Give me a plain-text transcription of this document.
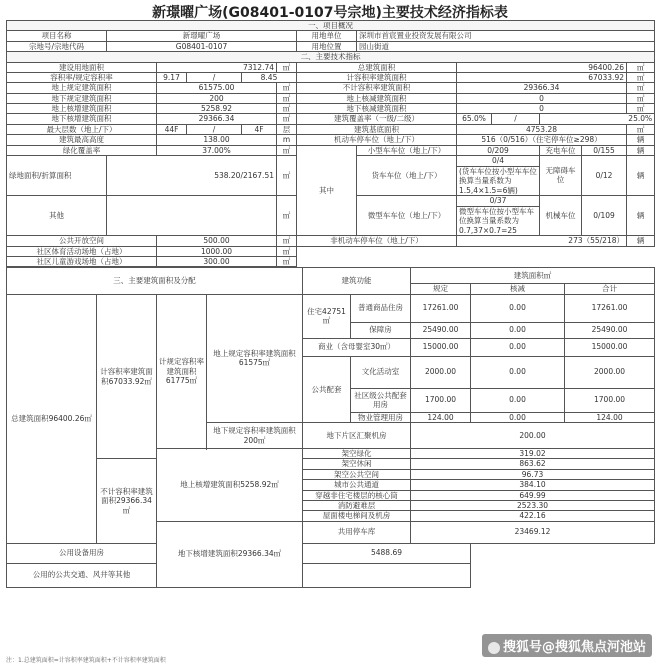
新璟曜广场(G08401-0107号宗地)主要技术经济指标表
一、项目概况												
项目名称	新璟曜广场					用地单位	深圳市首宸置业投资发展有限公司					
宗地号/宗地代码	G08401-0107					用地位置	园山街道					
二、主要技术指标												
建设用地面积		7312.74			㎡	总建筑面积		96400.26				㎡
容积率/规定容积率		9.17	/	8.45		计容积率建筑面积		67033.92				㎡
地上规定建筑面积		61575.00			㎡	不计容积率建筑面积		29366.34				㎡
地下规定建筑面积		200			㎡	地上核减建筑面积		0				㎡
地上核增建筑面积		5258.92			㎡	地下核减建筑面积		0				㎡
地下核增建筑面积		29366.34			㎡	建筑覆盖率（一级/二级）		65.0%	/	25.0%		
最大层数（地上/下）		44F	/	4F	层	建筑基底面积		4753.28				㎡
建筑最高高度		138.00			m	机动车停车位（地上/下）		516（0/516）（住宅停车位≥298）				辆
绿化覆盖率		37.00%			㎡	其中	小型车车位（地上/下）	0/209		充电车位	0/155	辆
绿地面积/折算面积	538.20/2167.51				㎡		货车车位（地上/下）	0/4		无障碍车位	0/12	辆
								(货车车位按小型车车位换算当量系数为1.5,4×1.5=6辆)				
其他					㎡		微型车车位（地上/下）	0/37		机械车位	0/109	辆
								微型车车位按小型车车位换算当量系数为0.7,37×0.7=25				
公共开放空间		500.00			㎡	非机动车停车位（地上/下）		273（55/218）				辆
社区体育活动场地（占地）		1000.00			㎡							
社区儿童游戏场地（占地）		300.00			㎡							
三、主要建筑面积及分配				建筑功能		建筑面积㎡		
						规定	核减	合计
总建筑面积96400.26㎡	计容积率建筑面积67033.92㎡	计规定容积率建筑面积61775㎡	地上规定容积率建筑面积61575㎡	住宅42751㎡	普通商品住房	17261.00	0.00	17261.00
					保障房	25490.00	0.00	25490.00
				商业（含母婴室30㎡）		15000.00	0.00	15000.00
				公共配套	文化活动室	2000.00	0.00	2000.00
					社区级公共配套用房	1700.00	0.00	1700.00
					物业管理用房	124.00	0.00	124.00

			地下规定容积率建筑面积200㎡	地下片区汇聚机房		200.00		

		地上核增建筑面积5258.92㎡		架空绿化		319.02		
	不计容积率建筑面积29366.34㎡			架空休闲		863.62		
				架空公共空间		96.73		
				城市公共通道		384.10		
				穿越非住宅楼层的核心筒		649.99		
				消防避难层		2523.30		
				屋面楼电梯间及机房		422.16		

		地下核增建筑面积29366.34㎡		共用停车库		23469.12		
公用设备用房				5488.69				
公用的公共交通、风井等其他								
注：1.总建筑面积=计容积率建筑面积+不计容积率建筑面积
搜狐号@搜狐焦点河池站
